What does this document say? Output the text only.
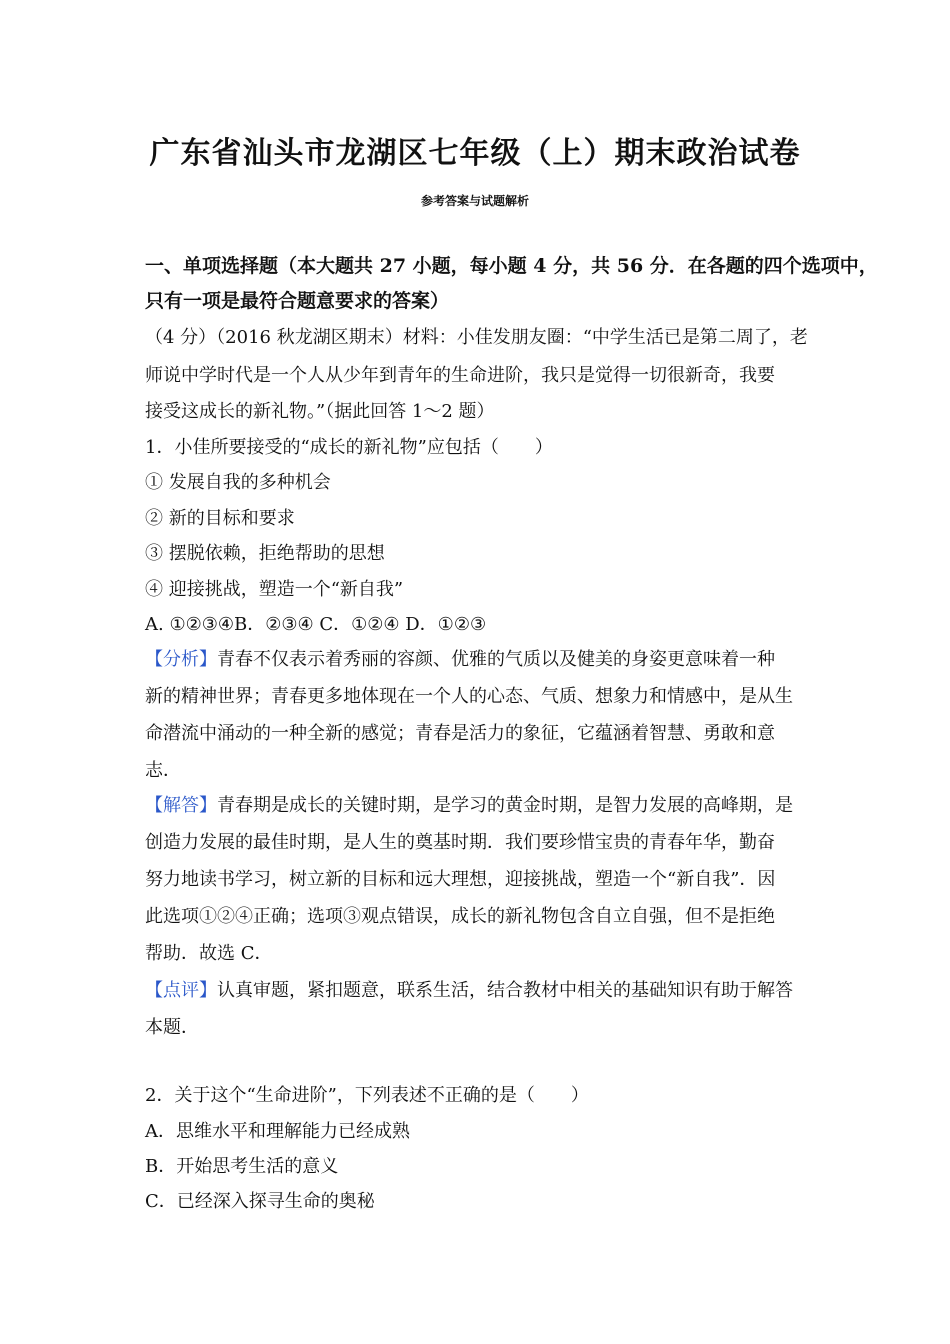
广东省汕头市龙湖区七年级（上）期末政治试卷
参考答案与试题解析
一、单项选择题（本大题共 27 小题，每小题 4 分，共 56 分．在各题的四个选项中，
只有一项是最符合题意要求的答案）
（4 分）（2016 秋龙湖区期末）材料：小佳发朋友圈：“中学生活已是第二周了，老
师说中学时代是一个人从少年到青年的生命进阶，我只是觉得一切很新奇，我要
接受这成长的新礼物。”（据此回答 1～2 题）
1．小佳所要接受的“成长的新礼物”应包括（　　）
① 发展自我的多种机会
② 新的目标和要求
③ 摆脱依赖，拒绝帮助的思想
④ 迎接挑战，塑造一个“新自我”
A. ①②③④B．②③④ C．①②④ D．①②③
【分析】青春不仅表示着秀丽的容颜、优雅的气质以及健美的身姿更意味着一种
新的精神世界；青春更多地体现在一个人的心态、气质、想象力和情感中，是从生
命潜流中涌动的一种全新的感觉；青春是活力的象征，它蕴涵着智慧、勇敢和意
志．
【解答】青春期是成长的关键时期，是学习的黄金时期，是智力发展的高峰期，是
创造力发展的最佳时期，是人生的奠基时期．我们要珍惜宝贵的青春年华，勤奋
努力地读书学习，树立新的目标和远大理想，迎接挑战，塑造一个“新自我”．因
此选项①②④正确；选项③观点错误，成长的新礼物包含自立自强，但不是拒绝
帮助．故选 C．
【点评】认真审题，紧扣题意，联系生活，结合教材中相关的基础知识有助于解答
本题．
2．关于这个“生命进阶”，下列表述不正确的是（　　）
A．思维水平和理解能力已经成熟
B．开始思考生活的意义
C．已经深入探寻生命的奥秘
